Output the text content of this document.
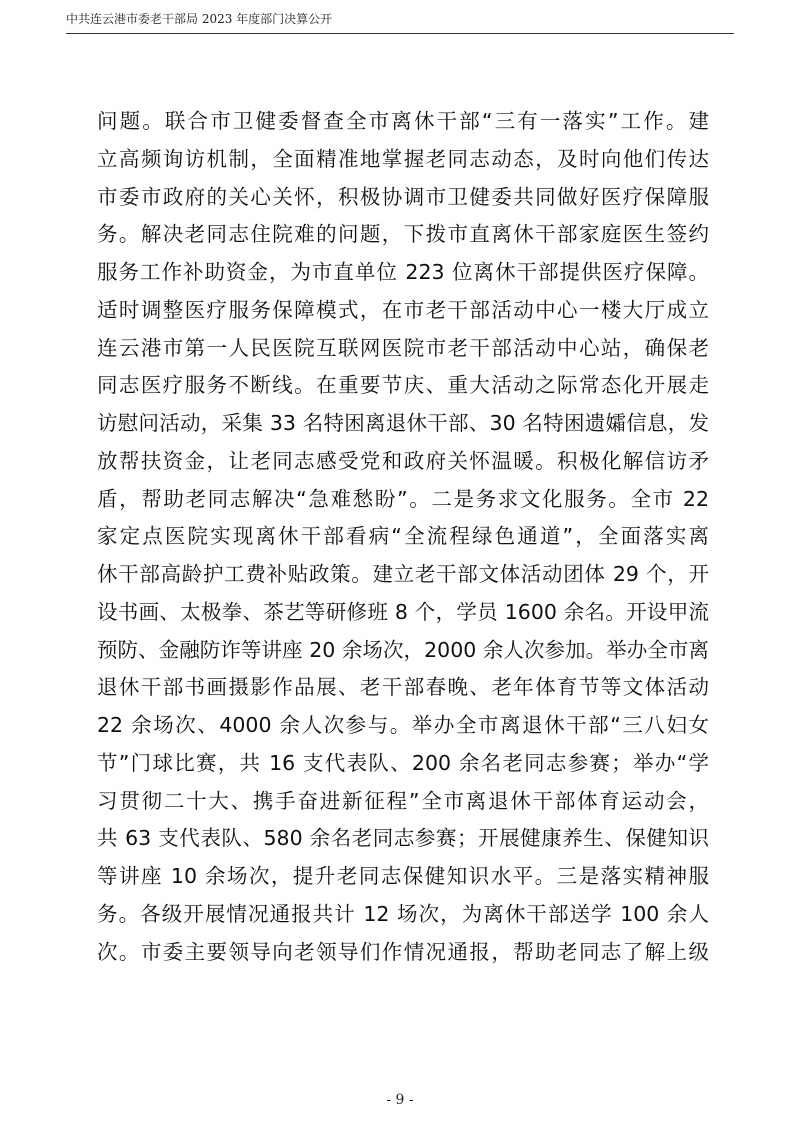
中共连云港市委老干部局 2023 年度部门决算公开
问题。联合市卫健委督查全市离休干部“三有一落实”工作。建
立高频询访机制，全面精准地掌握老同志动态，及时向他们传达
市委市政府的关心关怀，积极协调市卫健委共同做好医疗保障服
务。解决老同志住院难的问题，下拨市直离休干部家庭医生签约
服务工作补助资金，为市直单位 223 位离休干部提供医疗保障。
适时调整医疗服务保障模式，在市老干部活动中心一楼大厅成立
连云港市第一人民医院互联网医院市老干部活动中心站，确保老
同志医疗服务不断线。在重要节庆、重大活动之际常态化开展走
访慰问活动，采集 33 名特困离退休干部、30 名特困遗孀信息，发
放帮扶资金，让老同志感受党和政府关怀温暖。积极化解信访矛
盾，帮助老同志解决“急难愁盼”。二是务求文化服务。全市 22
家定点医院实现离休干部看病“全流程绿色通道”，全面落实离
休干部高龄护工费补贴政策。建立老干部文体活动团体 29 个，开
设书画、太极拳、茶艺等研修班 8 个，学员 1600 余名。开设甲流
预防、金融防诈等讲座 20 余场次，2000 余人次参加。举办全市离
退休干部书画摄影作品展、老干部春晚、老年体育节等文体活动
22 余场次、4000 余人次参与。举办全市离退休干部“三八妇女
节”门球比赛，共 16 支代表队、200 余名老同志参赛；举办“学
习贯彻二十大、携手奋进新征程”全市离退休干部体育运动会，
共 63 支代表队、580 余名老同志参赛；开展健康养生、保健知识
等讲座 10 余场次，提升老同志保健知识水平。三是落实精神服
务。各级开展情况通报共计 12 场次，为离休干部送学 100 余人
次。市委主要领导向老领导们作情况通报，帮助老同志了解上级
- 9 -
